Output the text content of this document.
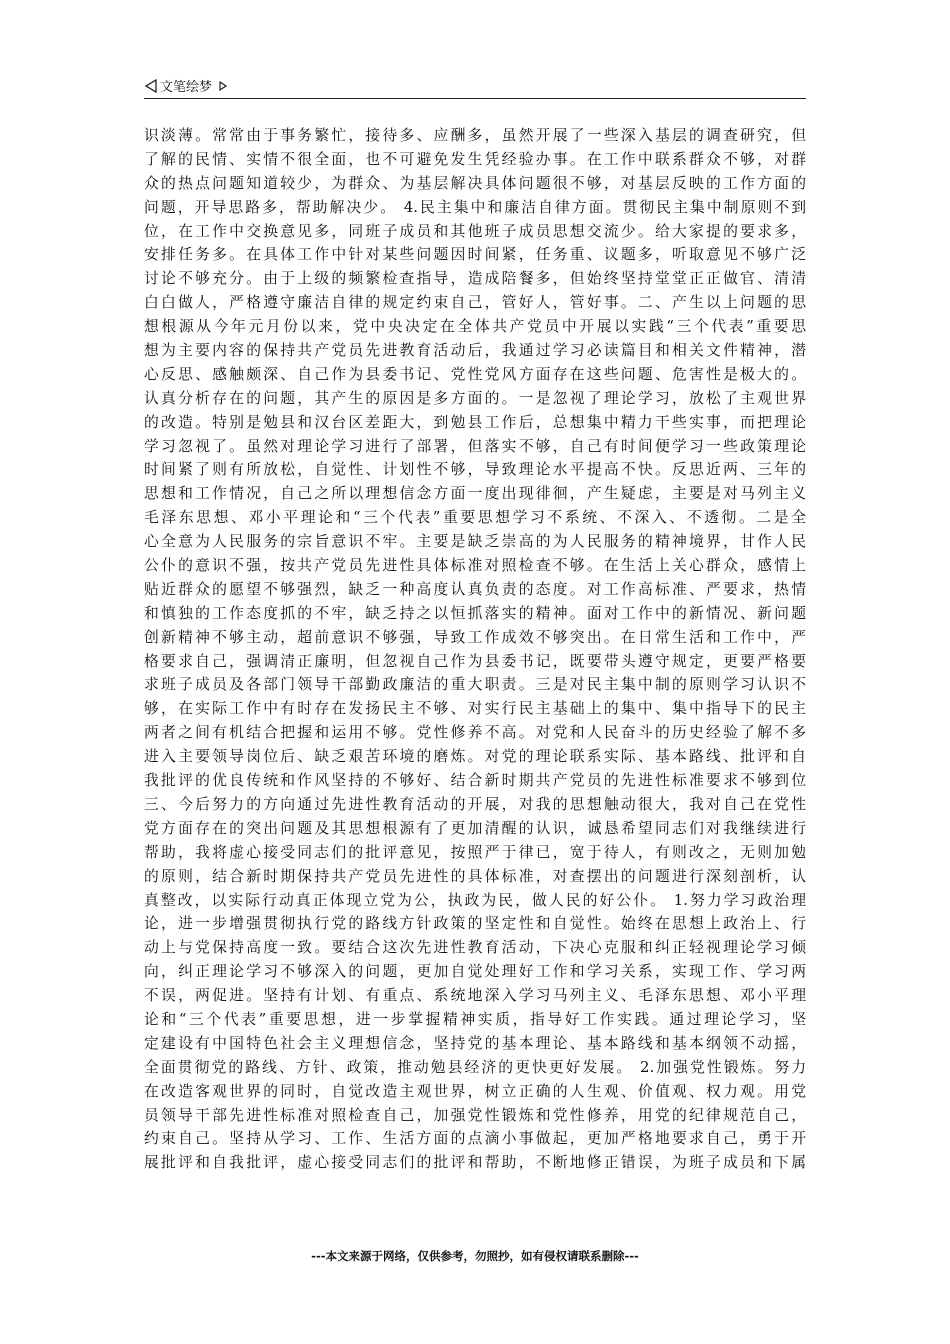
文笔绘梦
识淡薄。常常由于事务繁忙，接待多、应酬多，虽然开展了一些深入基层的调查研究，但
了解的民情、实情不很全面，也不可避免发生凭经验办事。在工作中联系群众不够，对群
众的热点问题知道较少，为群众、为基层解决具体问题很不够，对基层反映的工作方面的
问题，开导思路多，帮助解决少。 4.民主集中和廉洁自律方面。贯彻民主集中制原则不到
位，在工作中交换意见多，同班子成员和其他班子成员思想交流少。给大家提的要求多，
安排任务多。在具体工作中针对某些问题因时间紧，任务重、议题多，听取意见不够广泛
讨论不够充分。由于上级的频繁检查指导，造成陪餐多，但始终坚持堂堂正正做官、清清
白白做人，严格遵守廉洁自律的规定约束自己，管好人，管好事。二、产生以上问题的思
想根源从今年元月份以来，党中央决定在全体共产党员中开展以实践“三个代表”重要思
想为主要内容的保持共产党员先进教育活动后，我通过学习必读篇目和相关文件精神，潜
心反思、感触颇深、自己作为县委书记、党性党风方面存在这些问题、危害性是极大的。
认真分析存在的问题，其产生的原因是多方面的。一是忽视了理论学习，放松了主观世界
的改造。特别是勉县和汉台区差距大，到勉县工作后，总想集中精力干些实事，而把理论
学习忽视了。虽然对理论学习进行了部署，但落实不够，自己有时间便学习一些政策理论
时间紧了则有所放松，自觉性、计划性不够，导致理论水平提高不快。反思近两、三年的
思想和工作情况，自己之所以理想信念方面一度出现徘徊，产生疑虑，主要是对马列主义
毛泽东思想、邓小平理论和“三个代表”重要思想学习不系统、不深入、不透彻。二是全
心全意为人民服务的宗旨意识不牢。主要是缺乏崇高的为人民服务的精神境界，甘作人民
公仆的意识不强，按共产党员先进性具体标准对照检查不够。在生活上关心群众，感情上
贴近群众的愿望不够强烈，缺乏一种高度认真负责的态度。对工作高标准、严要求，热情
和慎独的工作态度抓的不牢，缺乏持之以恒抓落实的精神。面对工作中的新情况、新问题
创新精神不够主动，超前意识不够强，导致工作成效不够突出。在日常生活和工作中，严
格要求自己，强调清正廉明，但忽视自己作为县委书记，既要带头遵守规定，更要严格要
求班子成员及各部门领导干部勤政廉洁的重大职责。三是对民主集中制的原则学习认识不
够，在实际工作中有时存在发扬民主不够、对实行民主基础上的集中、集中指导下的民主
两者之间有机结合把握和运用不够。党性修养不高。对党和人民奋斗的历史经验了解不多
进入主要领导岗位后、缺乏艰苦环境的磨炼。对党的理论联系实际、基本路线、批评和自
我批评的优良传统和作风坚持的不够好、结合新时期共产党员的先进性标准要求不够到位
三、今后努力的方向通过先进性教育活动的开展，对我的思想触动很大，我对自己在党性
党方面存在的突出问题及其思想根源有了更加清醒的认识，诚恳希望同志们对我继续进行
帮助，我将虚心接受同志们的批评意见，按照严于律已，宽于待人，有则改之，无则加勉
的原则，结合新时期保持共产党员先进性的具体标准，对查摆出的问题进行深刻剖析，认
真整改，以实际行动真正体现立党为公，执政为民，做人民的好公仆。 1.努力学习政治理
论，进一步增强贯彻执行党的路线方针政策的坚定性和自觉性。始终在思想上政治上、行
动上与党保持高度一致。要结合这次先进性教育活动，下决心克服和纠正轻视理论学习倾
向，纠正理论学习不够深入的问题，更加自觉处理好工作和学习关系，实现工作、学习两
不误，两促进。坚持有计划、有重点、系统地深入学习马列主义、毛泽东思想、邓小平理
论和“三个代表”重要思想，进一步掌握精神实质，指导好工作实践。通过理论学习，坚
定建设有中国特色社会主义理想信念，坚持党的基本理论、基本路线和基本纲领不动摇，
全面贯彻党的路线、方针、政策，推动勉县经济的更快更好发展。 2.加强党性锻炼。努力
在改造客观世界的同时，自觉改造主观世界，树立正确的人生观、价值观、权力观。用党
员领导干部先进性标准对照检查自己，加强党性锻炼和党性修养，用党的纪律规范自己，
约束自己。坚持从学习、工作、生活方面的点滴小事做起，更加严格地要求自己，勇于开
展批评和自我批评，虚心接受同志们的批评和帮助，不断地修正错误，为班子成员和下属
---本文来源于网络，仅供参考，勿照抄，如有侵权请联系删除---
